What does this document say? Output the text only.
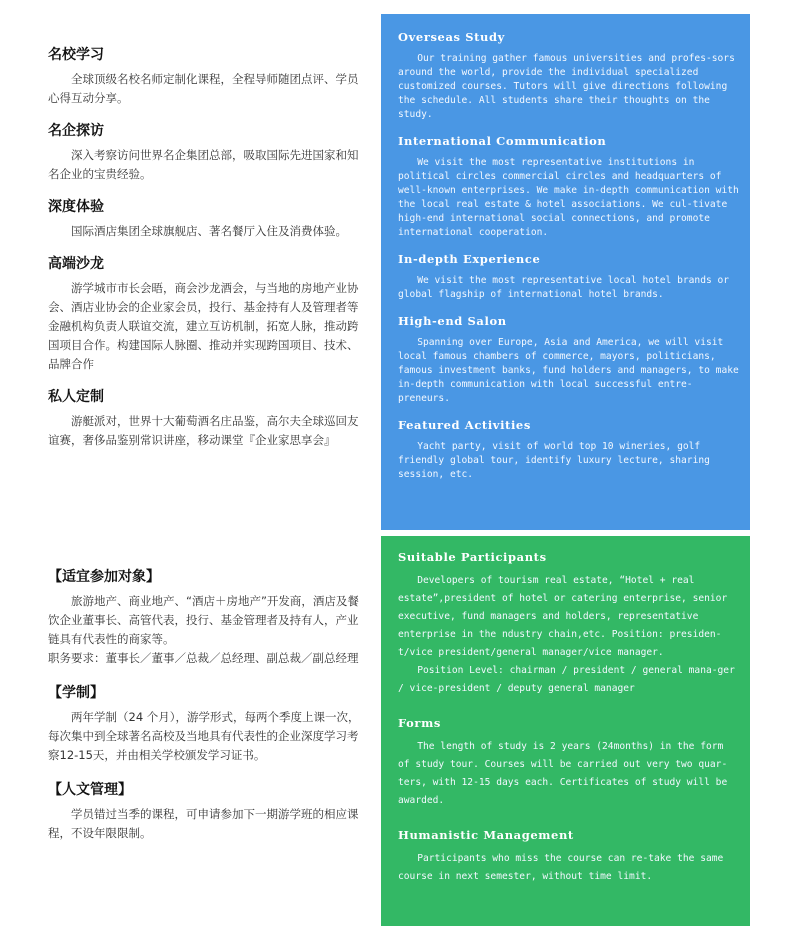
名校学习

全球顶级名校名师定制化课程，全程导师随团点评、学员心得互动分享。

名企探访

深入考察访问世界名企集团总部，吸取国际先进国家和知名企业的宝贵经验。

深度体验

国际酒店集团全球旗舰店、著名餐厅入住及消费体验。

高端沙龙

游学城市市长会晤，商会沙龙酒会，与当地的房地产业协会、酒店业协会的企业家会员，投行、基金持有人及管理者等金融机构负责人联谊交流，建立互访机制，拓宽人脉，推动跨国项目合作。构建国际人脉圈、推动并实现跨国项目、技术、品牌合作

私人定制

游艇派对，世界十大葡萄酒名庄品鉴，高尔夫全球巡回友谊赛，奢侈品鉴别常识讲座，移动课堂『企业家思享会』

【适宜参加对象】

旅游地产、商业地产、“酒店＋房地产”开发商，酒店及餐饮企业董事长、高管代表，投行、基金管理者及持有人，产业链具有代表性的商家等。

职务要求：董事长／董事／总裁／总经理、副总裁／副总经理

【学制】

两年学制（24 个月），游学形式，每两个季度上课一次，每次集中到全球著名高校及当地具有代表性的企业深度学习考察12-15天，并由相关学校颁发学习证书。

【人文管理】

学员错过当季的课程，可申请参加下一期游学班的相应课程，不设年限限制。

Overseas Study

Our training gather famous universities and profes-sors around the world, provide the individual specialized customized courses. Tutors will give directions following the schedule. All students share their thoughts on the study.

International Communication

We visit the most representative institutions in political circles commercial circles and headquarters of well-known enterprises. We make in-depth communication with the local real estate & hotel associations. We cul-tivate high-end international social connections, and promote international cooperation.

In-depth Experience

We visit the most representative local hotel brands or global flagship of international hotel brands.

High-end Salon

Spanning over Europe, Asia and America, we will visit local famous chambers of commerce, mayors, politicians, famous investment banks, fund holders and managers, to make in-depth communication with local successful entre-preneurs.

Featured Activities

Yacht party, visit of world top 10 wineries, golf friendly global tour, identify luxury lecture, sharing session, etc.

Suitable Participants

Developers of tourism real estate, “Hotel + real estate”,president of hotel or catering enterprise, senior executive, fund managers and holders, representative enterprise in the ndustry chain,etc. Position: presiden-t/vice president/general manager/vice manager.

Position Level: chairman / president / general mana-ger / vice-president / deputy general manager

Forms

The length of study is 2 years (24months) in the form of study tour. Courses will be carried out very two quar-ters, with 12-15 days each. Certificates of study will be awarded.

Humanistic Management

Participants who miss the course can re-take the same course in next semester, without time limit.
